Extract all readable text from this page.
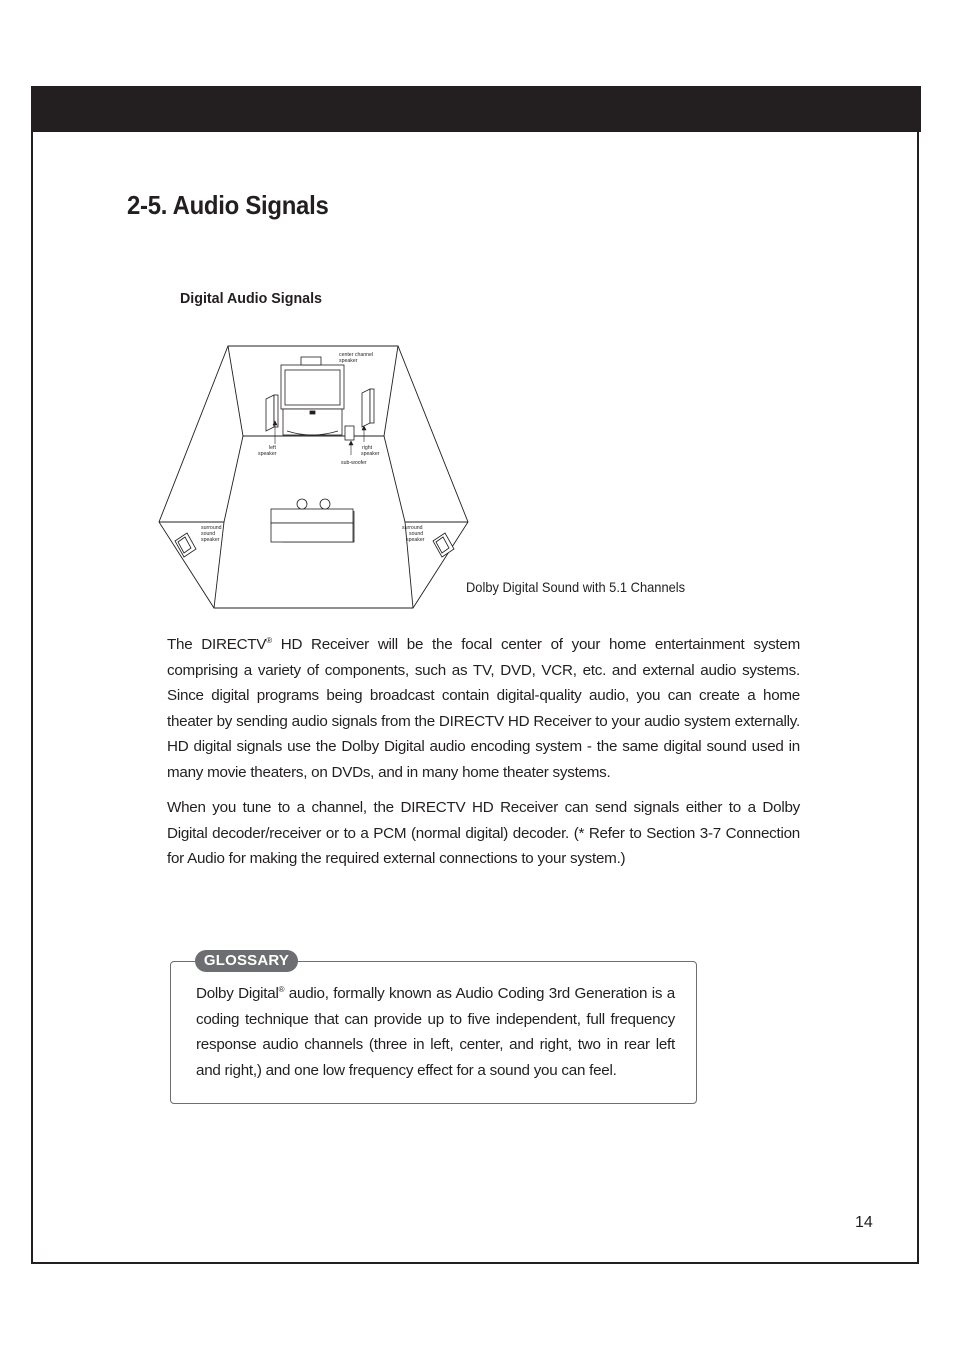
2-5. Audio Signals
Digital Audio Signals
center channel
speaker
left
speaker
right
speaker
sub-woofer
surround
sound
speaker
surround
sound
speaker
Dolby Digital Sound with 5.1 Channels

The DIRECTV® HD Receiver will be the focal center of your home entertainment system comprising a variety of components, such as TV, DVD, VCR, etc. and external audio systems. Since digital programs being broadcast contain digital-quality audio, you can create a home theater by sending audio signals from the DIRECTV HD Receiver to your audio system externally. HD digital signals use the Dolby Digital audio encoding system - the same digital sound used in many movie theaters, on DVDs, and in many home theater systems.

When you tune to a channel, the DIRECTV HD Receiver can send signals either to a Dolby Digital decoder/receiver or to a PCM (normal digital) decoder. (* Refer to Section 3-7 Connection for Audio for making the required external connections to your system.)

GLOSSARY

Dolby Digital® audio, formally known as Audio Coding 3rd Generation is a coding technique that can provide up to five independent, full frequency response audio channels (three in left, center, and right, two in rear left and right,) and one low frequency effect for a sound you can feel.

14
